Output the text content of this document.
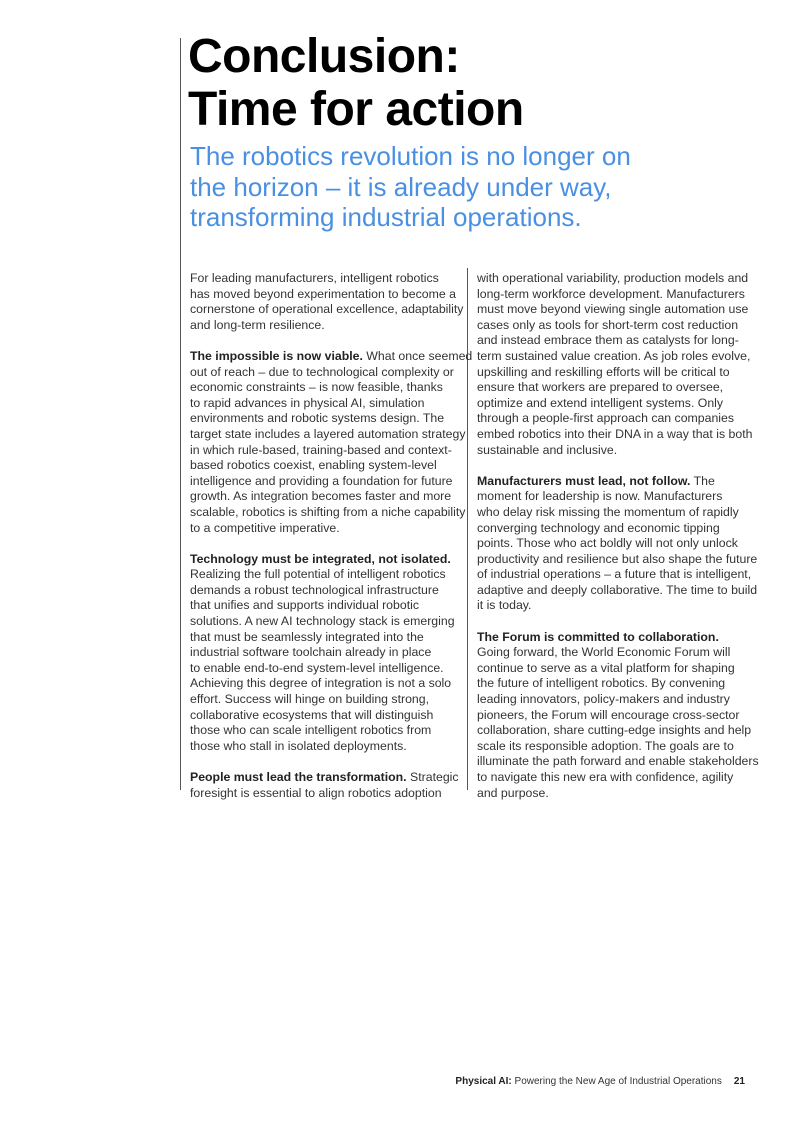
Conclusion:
Time for action
The robotics revolution is no longer on
the horizon – it is already under way,
transforming industrial operations.

For leading manufacturers, intelligent robotics
has moved beyond experimentation to become a
cornerstone of operational excellence, adaptability
and long-term resilience.

The impossible is now viable. What once seemed
out of reach – due to technological complexity or
economic constraints – is now feasible, thanks
to rapid advances in physical AI, simulation
environments and robotic systems design. The
target state includes a layered automation strategy
in which rule-based, training-based and context-
based robotics coexist, enabling system-level
intelligence and providing a foundation for future
growth. As integration becomes faster and more
scalable, robotics is shifting from a niche capability
to a competitive imperative.

Technology must be integrated, not isolated.
Realizing the full potential of intelligent robotics
demands a robust technological infrastructure
that unifies and supports individual robotic
solutions. A new AI technology stack is emerging
that must be seamlessly integrated into the
industrial software toolchain already in place
to enable end-to-end system-level intelligence.
Achieving this degree of integration is not a solo
effort. Success will hinge on building strong,
collaborative ecosystems that will distinguish
those who can scale intelligent robotics from
those who stall in isolated deployments.

People must lead the transformation. Strategic
foresight is essential to align robotics adoption

with operational variability, production models and
long-term workforce development. Manufacturers
must move beyond viewing single automation use
cases only as tools for short-term cost reduction
and instead embrace them as catalysts for long-
term sustained value creation. As job roles evolve,
upskilling and reskilling efforts will be critical to
ensure that workers are prepared to oversee,
optimize and extend intelligent systems. Only
through a people-first approach can companies
embed robotics into their DNA in a way that is both
sustainable and inclusive.

Manufacturers must lead, not follow. The
moment for leadership is now. Manufacturers
who delay risk missing the momentum of rapidly
converging technology and economic tipping
points. Those who act boldly will not only unlock
productivity and resilience but also shape the future
of industrial operations – a future that is intelligent,
adaptive and deeply collaborative. The time to build
it is today.

The Forum is committed to collaboration.
Going forward, the World Economic Forum will
continue to serve as a vital platform for shaping
the future of intelligent robotics. By convening
leading innovators, policy-makers and industry
pioneers, the Forum will encourage cross-sector
collaboration, share cutting-edge insights and help
scale its responsible adoption. The goals are to
illuminate the path forward and enable stakeholders
to navigate this new era with confidence, agility
and purpose.

Physical AI: Powering the New Age of Industrial Operations 21
